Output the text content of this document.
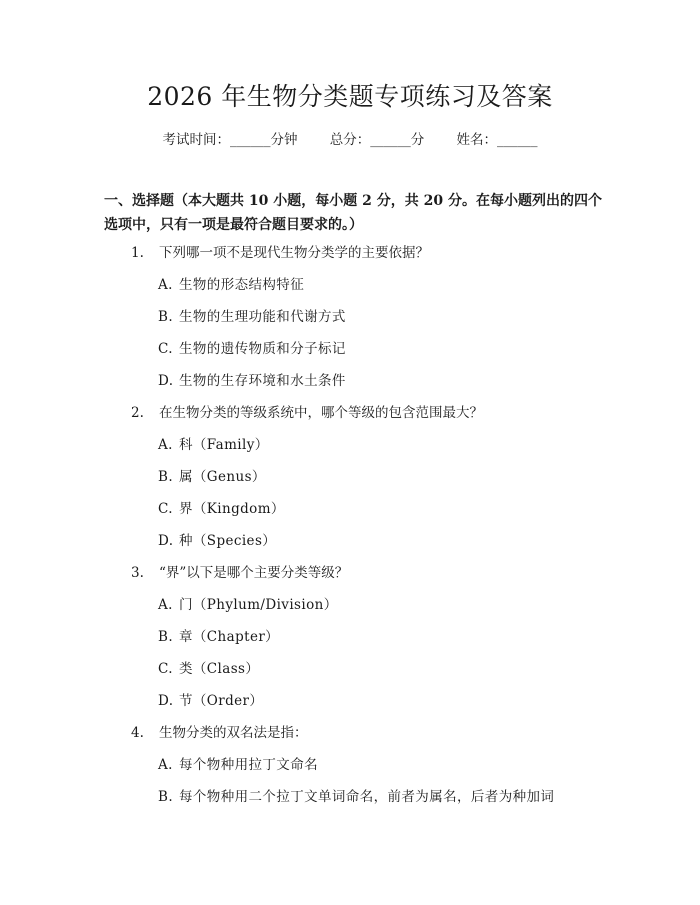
2026 年生物分类题专项练习及答案
考试时间：______分钟 总分：______分 姓名：______
一、选择题（本大题共 10 小题，每小题 2 分，共 20 分。在每小题列出的四个选项中，只有一项是最符合题目要求的。）
1. 下列哪一项不是现代生物分类学的主要依据？
A. 生物的形态结构特征
B. 生物的生理功能和代谢方式
C. 生物的遗传物质和分子标记
D. 生物的生存环境和水土条件
2. 在生物分类的等级系统中，哪个等级的包含范围最大？
A. 科（Family）
B. 属（Genus）
C. 界（Kingdom）
D. 种（Species）
3. “界”以下是哪个主要分类等级？
A. 门（Phylum/Division）
B. 章（Chapter）
C. 类（Class）
D. 节（Order）
4. 生物分类的双名法是指：
A. 每个物种用拉丁文命名
B. 每个物种用二个拉丁文单词命名，前者为属名，后者为种加词
